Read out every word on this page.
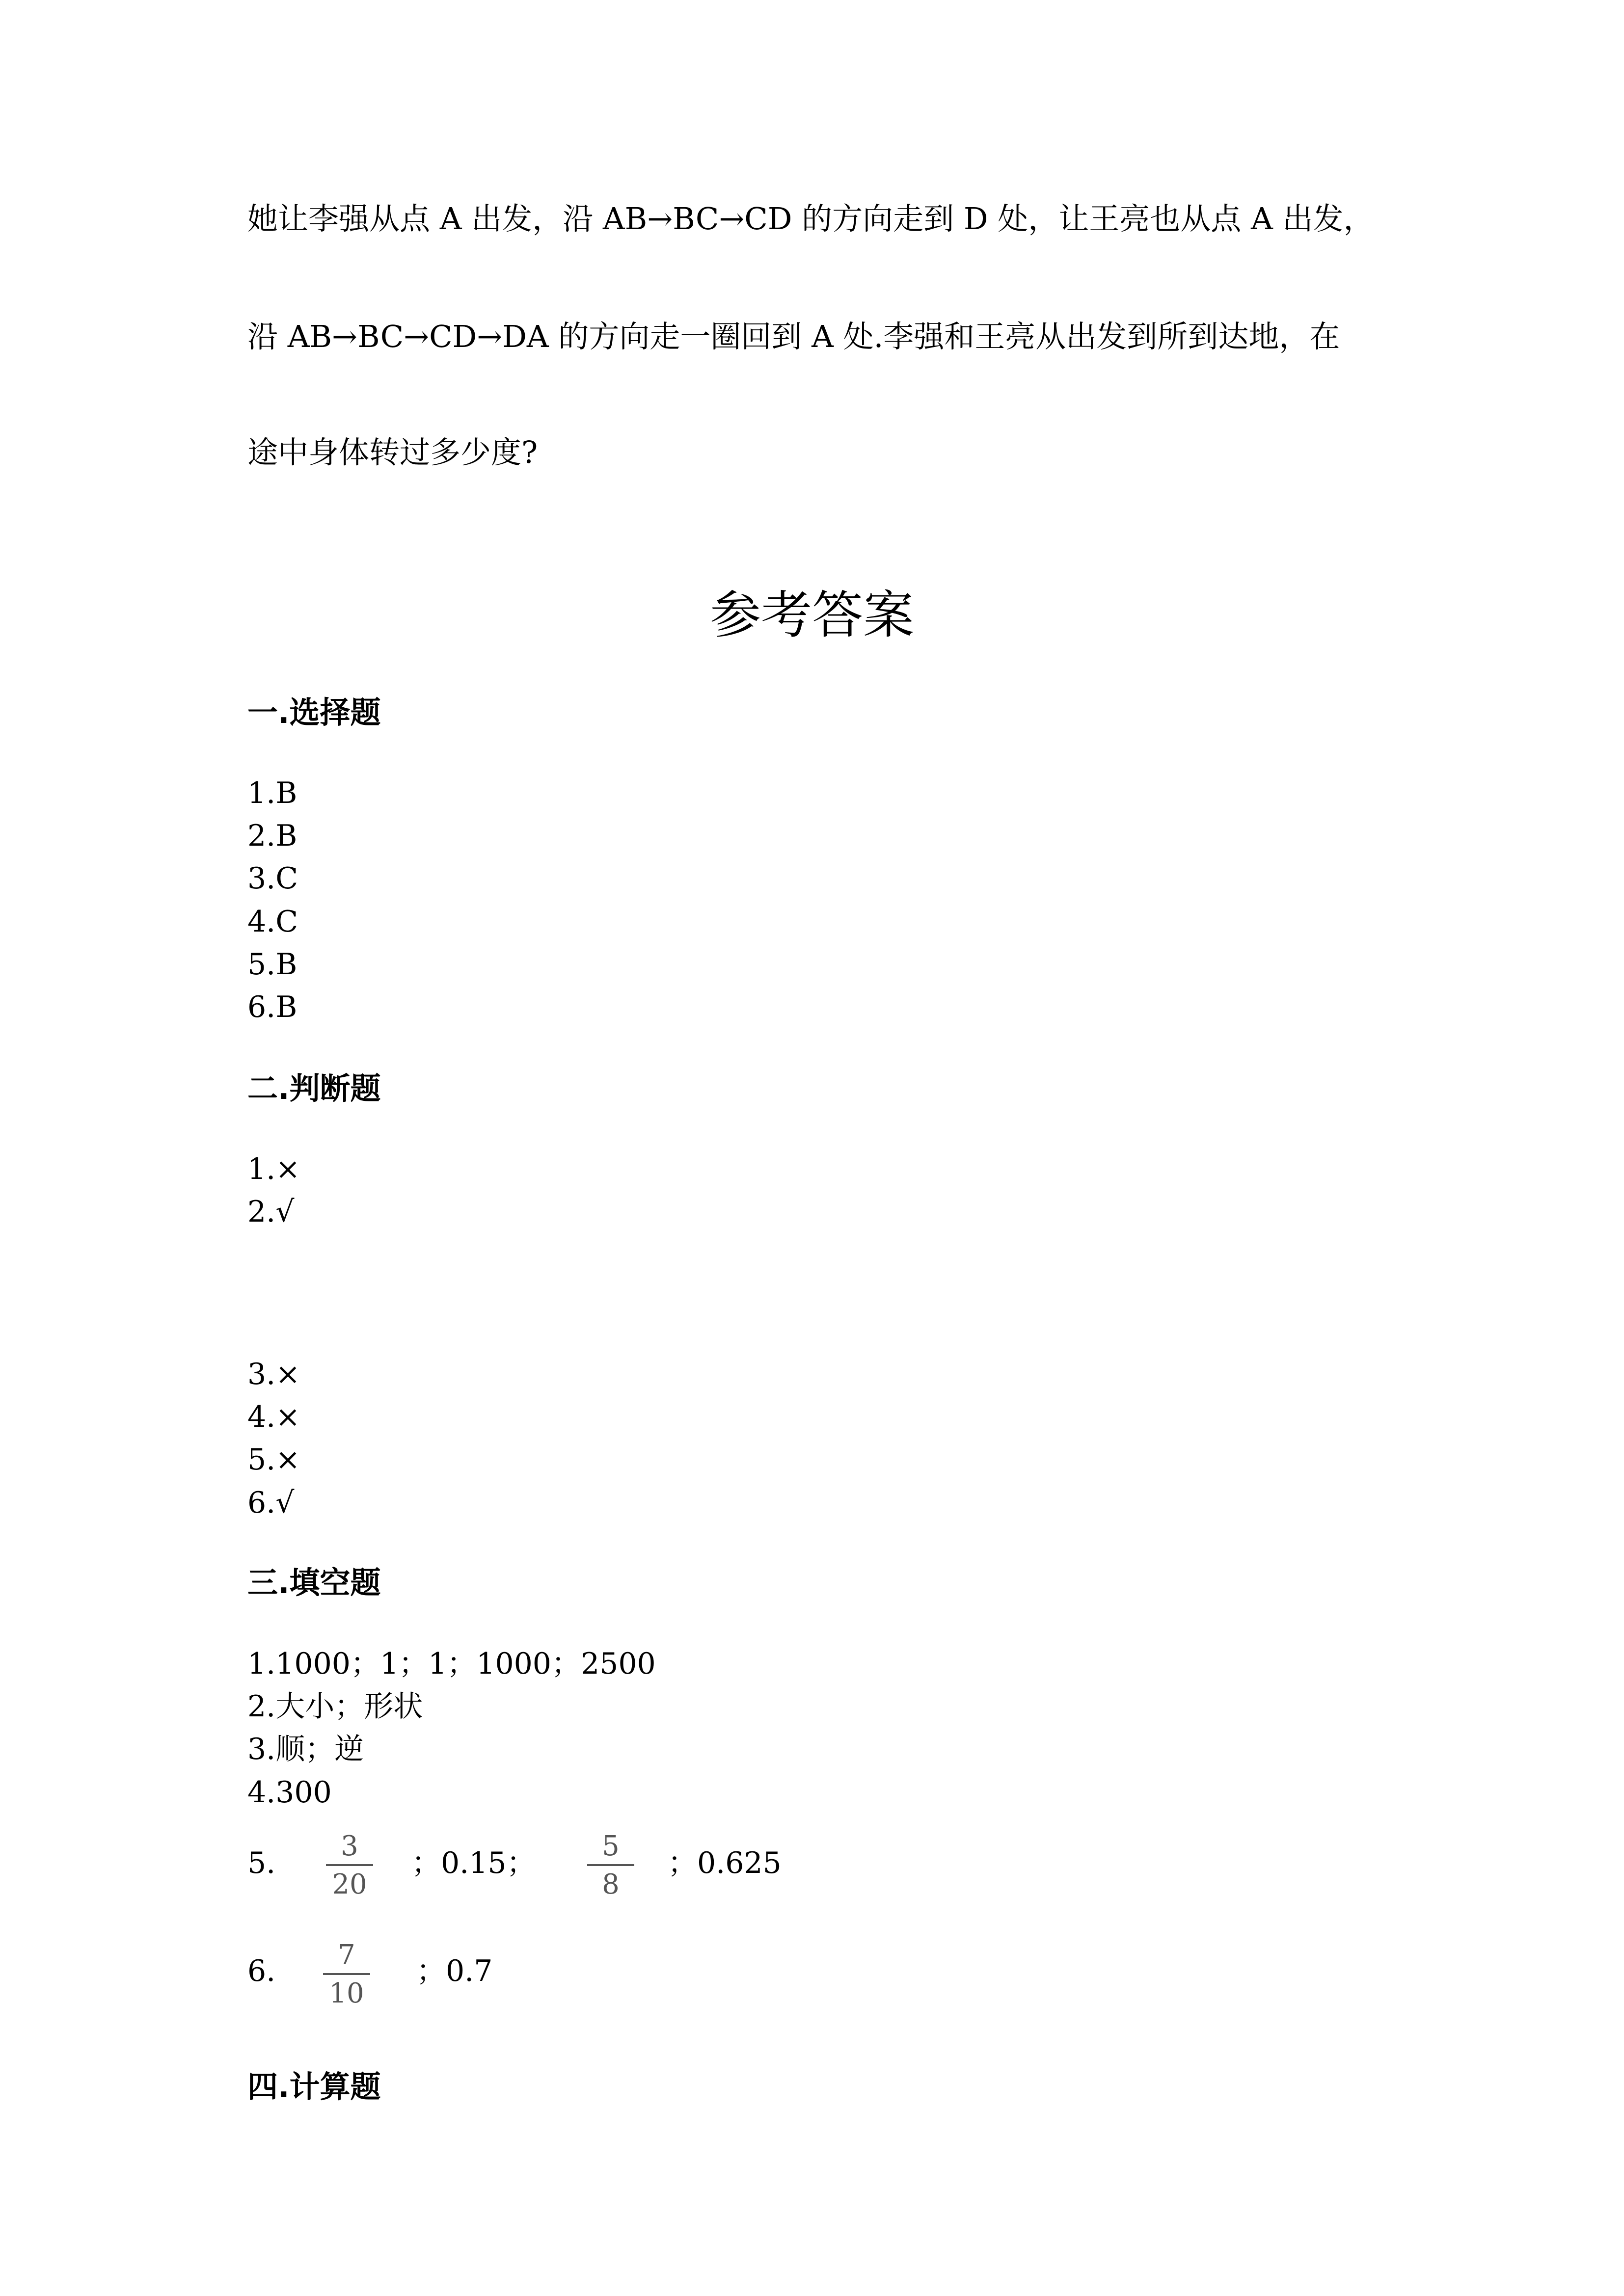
她让李强从点 A 出发，沿 AB→BC→CD 的方向走到 D 处，让王亮也从点 A 出发，
沿 AB→BC→CD→DA 的方向走一圈回到 A 处.李强和王亮从出发到所到达地，在
途中身体转过多少度?
参考答案
一.选择题
1.B
2.B
3.C
4.C
5.B
6.B
二.判断题
1.×
2.√
3.×
4.×
5.×
6.√
三.填空题
1.1000；1；1；1000；2500
2.大小；形状
3.顺；逆
4.300
5.	3
20
；0.15；	5
8
；0.625
6.	7
10
；0.7
四.计算题
